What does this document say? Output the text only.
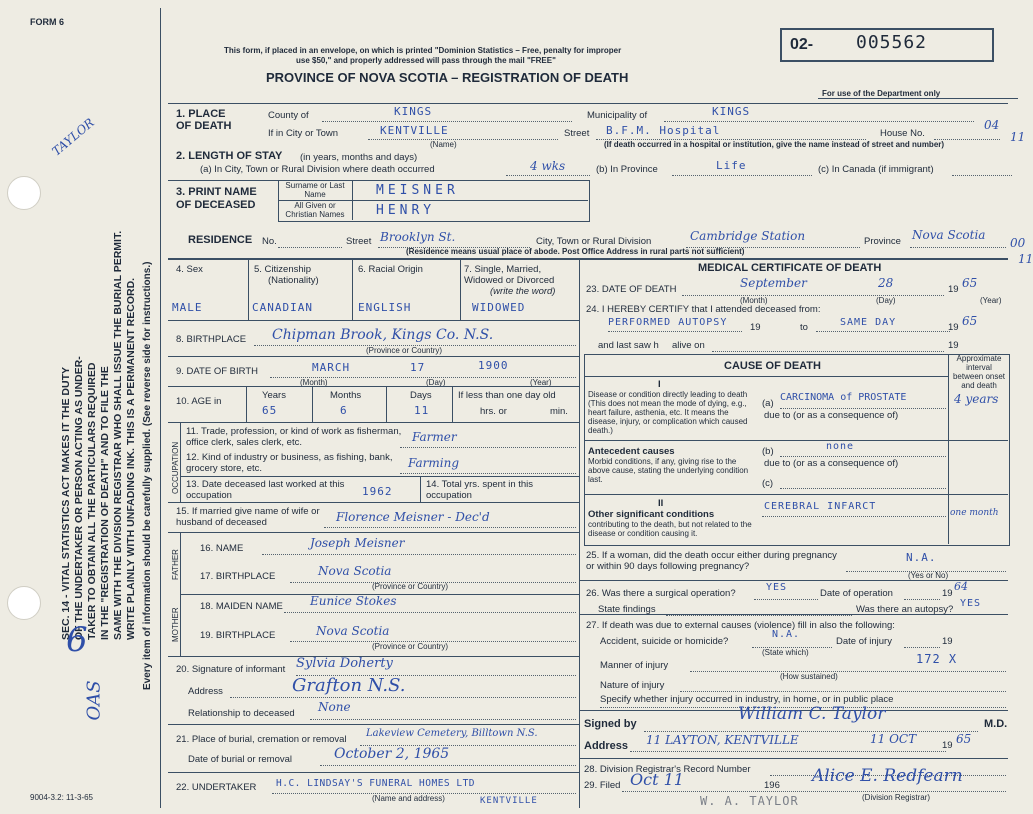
FORM 6
SEC. 14 - VITAL STATISTICS ACT MAKES IT THE DUTY OF THE UNDERTAKER OR PERSON ACTING AS UNDER- TAKER TO OBTAIN ALL THE PARTICULARS REQUIRED IN THE "REGISTRATION OF DEATH" AND TO FILE THE SAME WITH THE DIVISION REGISTRAR WHO SHALL ISSUE THE BURIAL PERMIT. WRITE PLAINLY WITH UNFADING INK. THIS IS A PERMANENT RECORD. Every item of information should be carefully supplied. (See reverse side for instructions.)
TAYLOR
6
OAS
9004-3.2: 11-3-65
This form, if placed in an envelope, on which is printed "Dominion Statistics – Free, penalty for improper
use $50," and properly addressed will pass through the mail "FREE"
PROVINCE OF NOVA SCOTIA – REGISTRATION OF DEATH
02- 005562
For use of the Department only
04
11
00
11
1. PLACE OF DEATH
County of	KINGS	Municipality of	KINGS
If in City or Town	KENTVILLE
(Name)
Street B.F.M. Hospital	House No.
(If death occurred in a hospital or institution, give the name instead of street and number)
2. LENGTH OF STAY (in years, months and days)
(a) In City, Town or Rural Division where death occurred	4 wks	(b) In Province	Life	(c) In Canada (if immigrant)
3. PRINT NAME OF DECEASED
Surname or Last Name	MEISNER
All Given or Christian Names	HENRY
RESIDENCE No.	Street Brooklyn St.	City, Town or Rural Division	Cambridge Station	Province Nova Scotia
(Residence means usual place of abode. Post Office Address in rural parts not sufficient)
4. Sex
MALE
5. Citizenship
(Nationality)
CANADIAN
6. Racial Origin
ENGLISH
7. Single, Married, Widowed or Divorced
(write the word)
WIDOWED
8. BIRTHPLACE Chipman Brook, Kings Co. N.S.
(Province or Country)
9. DATE OF BIRTH	MARCH	17	1900
(Month)	(Day)	(Year)
10. AGE in
Years
65
Months
6
Days
11
If less than one day old
hrs. or	min.
OCCUPATION
11. Trade, profession, or kind of work as fisherman, office clerk, sales clerk, etc.	Farmer
12. Kind of industry or business, as fishing, bank, grocery store, etc.	Farming
13. Date deceased last worked at this occupation	1962
14. Total yrs. spent in this occupation
15. If married give name of wife or husband of deceased	Florence Meisner - Dec'd
FATHER
16. NAME	Joseph Meisner
17. BIRTHPLACE	Nova Scotia
(Province or Country)
MOTHER
18. MAIDEN NAME Eunice Stokes
19. BIRTHPLACE	Nova Scotia
(Province or Country)
20. Signature of informant Sylvia Doherty
Address	Grafton N.S.
Relationship to deceased None
21. Place of burial, cremation or removal
Lakeview Cemetery, Billtown N.S.
Date of burial or removal	October 2, 1965
22. UNDERTAKER H.C. LINDSAY'S FUNERAL HOMES LTD
(Name and address)	KENTVILLE
MEDICAL CERTIFICATE OF DEATH
23. DATE OF DEATH	September	28	19 65
(Month)	(Day)	(Year)
24. I HEREBY CERTIFY that I attended deceased from:
PERFORMED AUTOPSY 19	to	SAME DAY	19 65
and last saw h alive on	19
CAUSE OF DEATH
Approximate interval between onset and death
I
Disease or condition directly leading to death (This does not mean the mode of dying, e.g., heart failure, asthenia, etc. It means the disease, injury, or complication which caused death.)
(a)
CARCINOMA of PROSTATE	4 years
due to (or as a consequence of)
Antecedent causes
Morbid conditions, if any, giving rise to the above cause, stating the underlying condition last.
(b)	none
due to (or as a consequence of)
(c)
II
Other significant conditions
contributing to the death, but not related to the disease or condition causing it.
CEREBRAL INFARCT
one month
25. If a woman, did the death occur either during pregnancy or within 90 days following pregnancy?
N.A.
(Yes or No)
26. Was there a surgical operation?
YES
Date of operation	19
64
State findings	Was there an autopsy?
YES
27. If death was due to external causes (violence) fill in also the following:
Accident, suicide or homicide?
N.A.
Date of injury	19
(State which)
Manner of injury	172 X
(How sustained)
Nature of injury
Specify whether injury occurred in industry, in home, or in public place
Signed by	William C. Taylor	M.D.
Address 11 LAYTON, KENTVILLE	11 OCT	19 65
28. Division Registrar's Record Number
29. Filed Oct 11	196 Alice E. Redfearn
(Division Registrar)
W. A. TAYLOR
